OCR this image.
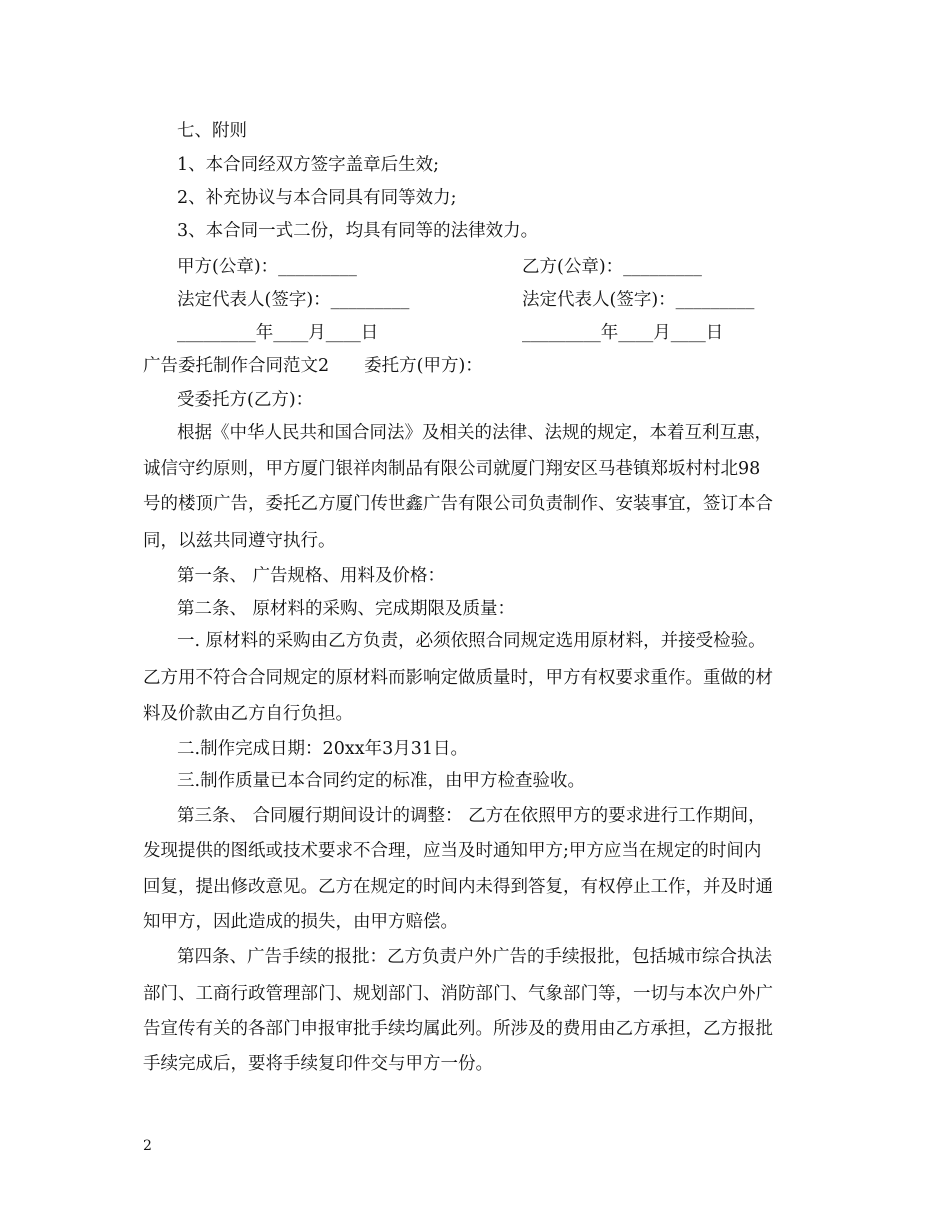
七、附则
1、本合同经双方签字盖章后生效;
2、补充协议与本合同具有同等效力;
3、本合同一式二份，均具有同等的法律效力。
甲方(公章)：_________	乙方(公章)：_________
法定代表人(签字)：_________	法定代表人(签字)：_________
_________年____月____日	_________年____月____日
广告委托制作合同范文2　　委托方(甲方)：
受委托方(乙方)：
根据《中华人民共和国合同法》及相关的法律、法规的规定，本着互利互惠，
诚信守约原则，甲方厦门银祥肉制品有限公司就厦门翔安区马巷镇郑坂村村北98
号的楼顶广告，委托乙方厦门传世鑫广告有限公司负责制作、安装事宜，签订本合
同，以兹共同遵守执行。
第一条、 广告规格、用料及价格：
第二条、 原材料的采购、完成期限及质量：
一. 原材料的采购由乙方负责，必须依照合同规定选用原材料，并接受检验。
乙方用不符合合同规定的原材料而影响定做质量时，甲方有权要求重作。重做的材
料及价款由乙方自行负担。
二.制作完成日期：20xx年3月31日。
三.制作质量已本合同约定的标准，由甲方检查验收。
第三条、 合同履行期间设计的调整： 乙方在依照甲方的要求进行工作期间，
发现提供的图纸或技术要求不合理，应当及时通知甲方;甲方应当在规定的时间内
回复，提出修改意见。乙方在规定的时间内未得到答复，有权停止工作，并及时通
知甲方，因此造成的损失，由甲方赔偿。
第四条、广告手续的报批：乙方负责户外广告的手续报批，包括城市综合执法
部门、工商行政管理部门、规划部门、消防部门、气象部门等，一切与本次户外广
告宣传有关的各部门申报审批手续均属此列。所涉及的费用由乙方承担，乙方报批
手续完成后，要将手续复印件交与甲方一份。
2
